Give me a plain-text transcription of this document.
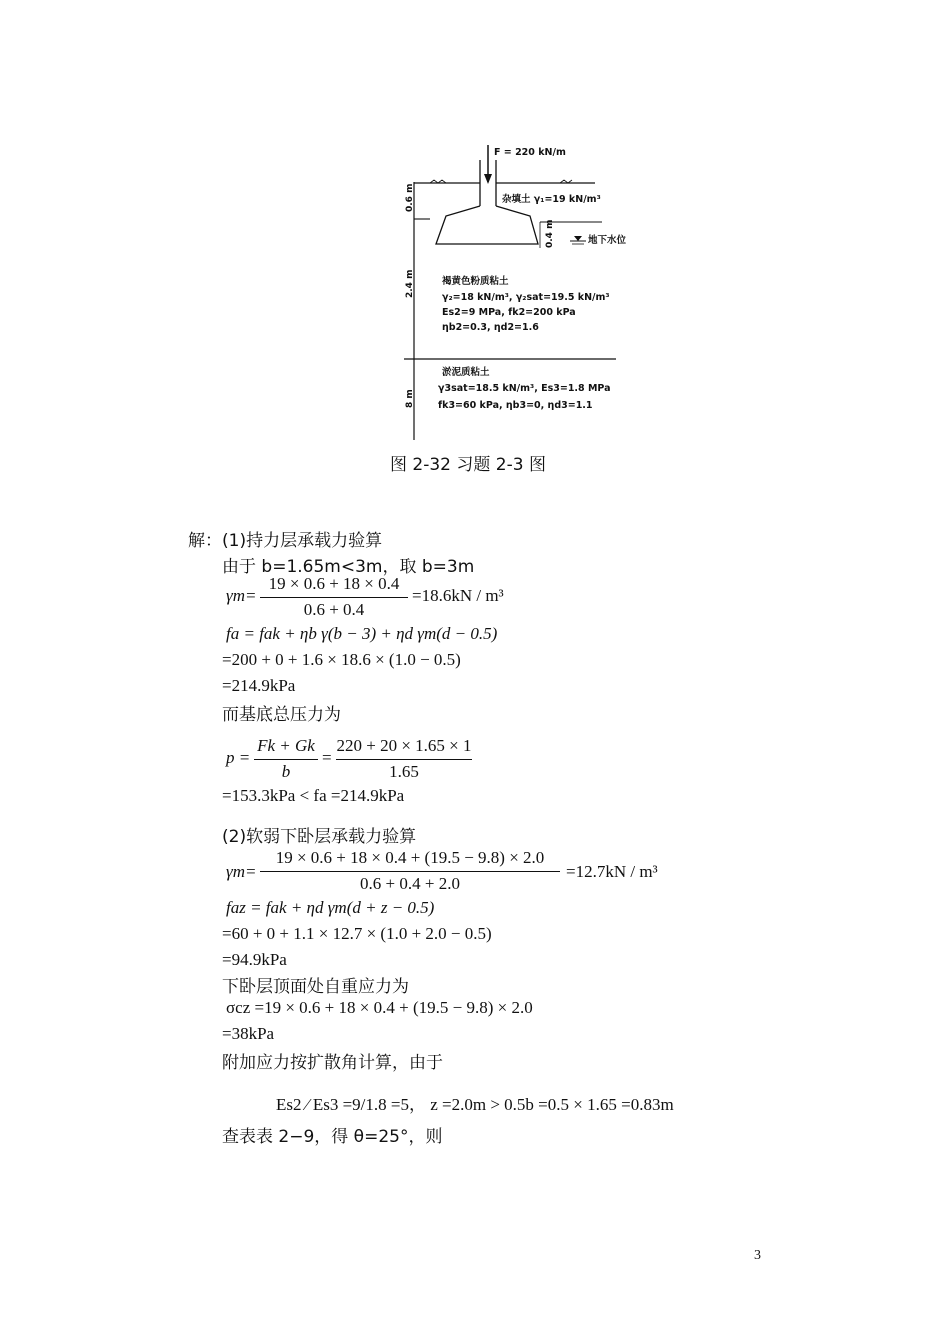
F = 220 kN/m
地下水位
0.6 m
2.4 m
8 m
0.4 m
杂填土 γ₁=19 kN/m³
褐黄色粉质粘土
γ₂=18 kN/m³, γ₂sat=19.5 kN/m³
Es2=9 MPa, fk2=200 kPa
ηb2=0.3, ηd2=1.6
淤泥质粘土
γ3sat=18.5 kN/m³, Es3=1.8 MPa
fk3=60 kPa, ηb3=0, ηd3=1.1
图 2-32 习题 2-3 图
解：(1)持力层承载力验算
由于 b=1.65m<3m，取 b=3m
γm=
19 × 0.6 + 18 × 0.4
0.6 + 0.4
=18.6kN / m³
fa = fak + ηb γ(b − 3) + ηd γm(d − 0.5)
=200 + 0 + 1.6 × 18.6 × (1.0 − 0.5)
=214.9kPa
而基底总压力为
p =
Fk + Gk
b
=
220 + 20 × 1.65 × 1
1.65
=153.3kPa < fa =214.9kPa
(2)软弱下卧层承载力验算
γm=
19 × 0.6 + 18 × 0.4 + (19.5 − 9.8) × 2.0
0.6 + 0.4 + 2.0
=12.7kN / m³
faz = fak + ηd γm(d + z − 0.5)
=60 + 0 + 1.1 × 12.7 × (1.0 + 2.0 − 0.5)
=94.9kPa
下卧层顶面处自重应力为
σcz =19 × 0.6 + 18 × 0.4 + (19.5 − 9.8) × 2.0
=38kPa
附加应力按扩散角计算，由于
Es2 ⁄ Es3 =9/1.8 =5， z =2.0m > 0.5b =0.5 × 1.65 =0.83m
查表表 2−9，得 θ=25°，则
3
